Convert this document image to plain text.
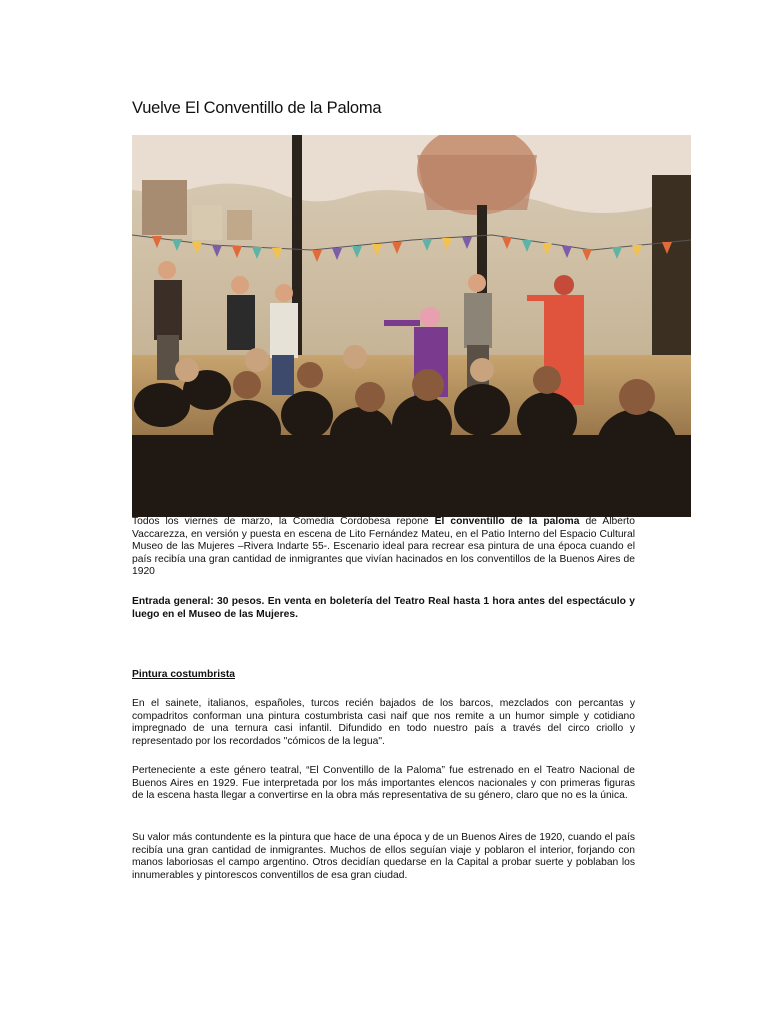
Vuelve El Conventillo de la Paloma

Todos los viernes de marzo, la Comedia Cordobesa repone El conventillo de la paloma de Alberto Vaccarezza, en versión y puesta en escena de Lito Fernández Mateu, en el Patio Interno del Espacio Cultural Museo de las Mujeres –Rivera Indarte 55-. Escenario ideal para recrear esa pintura de una época cuando el país recibía una gran cantidad de inmigrantes que vivían hacinados en los conventillos de la Buenos Aires de 1920

Entrada general: 30 pesos. En venta en boletería del Teatro Real hasta 1 hora antes del espectáculo y luego en el Museo de las Mujeres.

Pintura costumbrista

En el sainete, italianos, españoles, turcos recién bajados de los barcos, mezclados con percantas y compadritos conforman una pintura costumbrista casi naif que nos remite a un humor simple y cotidiano impregnado de una ternura casi infantil. Difundido en todo nuestro país a través del circo criollo y representado por los recordados "cómicos de la legua".

Perteneciente a este género teatral, “El Conventillo de la Paloma” fue estrenado en el Teatro Nacional de Buenos Aires en 1929. Fue interpretada por los más importantes elencos nacionales y con primeras figuras de la escena hasta llegar a convertirse en la obra más representativa de su género, claro que no es la única.

Su valor más contundente es la pintura que hace de una época y de un Buenos Aires de 1920, cuando el país recibía una gran cantidad de inmigrantes. Muchos de ellos seguían viaje y poblaron el interior, forjando con manos laboriosas el campo argentino. Otros decidían quedarse en la Capital a probar suerte y poblaban los innumerables y pintorescos conventillos de esa gran ciudad.
